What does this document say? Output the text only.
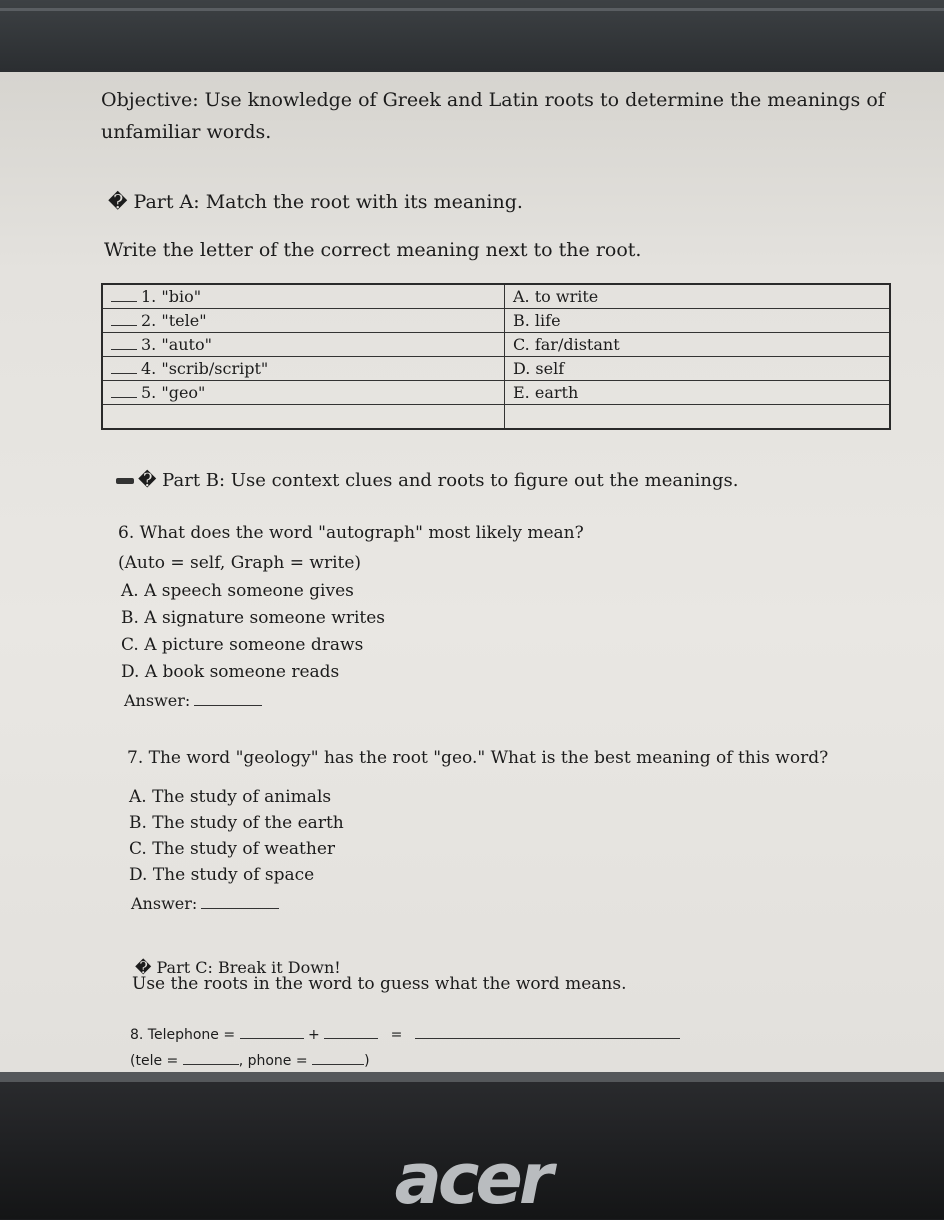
Objective: Use knowledge of Greek and Latin roots to determine the meanings of unfamiliar words.
� Part A: Match the root with its meaning.
Write the letter of the correct meaning next to the root.
1. "bio"	A. to write
2. "tele"	B. life
3. "auto"	C. far/distant
4. "scrib/script"	D. self
5. "geo"	E. earth

� Part B: Use context clues and roots to figure out the meanings.
6. What does the word "autograph" most likely mean?
(Auto = self, Graph = write)
A. A speech someone gives
B. A signature someone writes
C. A picture someone draws
D. A book someone reads
Answer:
7. The word "geology" has the root "geo." What is the best meaning of this word?
A. The study of animals
B. The study of the earth
C. The study of weather
D. The study of space
Answer:
� Part C: Break it Down!
Use the roots in the word to guess what the word means.
8. Telephone =	+	=
(tele =	, phone =	)
acer
